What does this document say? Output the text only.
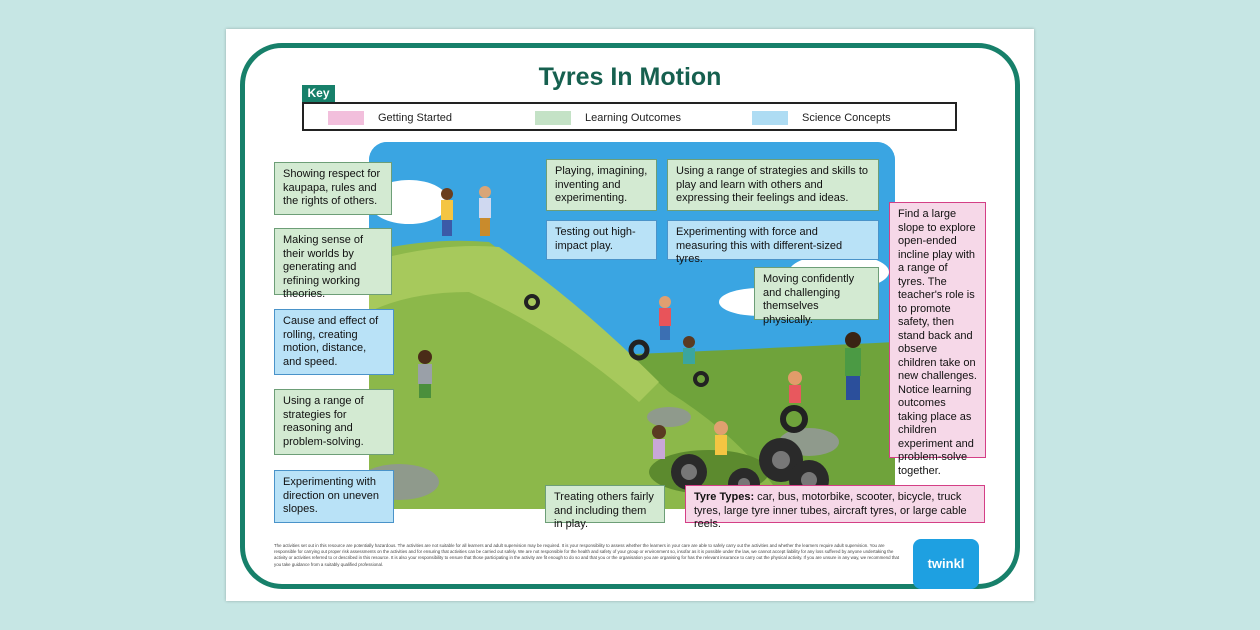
Tyres In Motion
Key
Getting Started	Learning Outcomes	Science Concepts
Showing respect for kaupapa, rules and the rights of others.
Making sense of their worlds by generating and refining working theories.
Cause and effect of rolling, creating motion, distance, and speed.
Using a range of strategies for reasoning and problem-solving.
Experimenting with direction on uneven slopes.
Playing, imagining, inventing and experimenting.
Using a range of strategies and skills to play and learn with others and expressing their feelings and ideas.
Testing out high-impact play.
Experimenting with force and measuring this with different-sized tyres.
Moving confidently and challenging themselves physically.
Find a large slope to explore open-ended incline play with a range of tyres. The teacher's role is to promote safety, then stand back and observe children take on new challenges. Notice learning outcomes taking place as children experiment and problem-solve together.
Treating others fairly and including them in play.
Tyre Types: car, bus, motorbike, scooter, bicycle, truck tyres, large tyre inner tubes, aircraft tyres, or large cable reels.
The activities set out in this resource are potentially hazardous. The activities are not suitable for all learners and adult supervision may be required. It is your responsibility to assess whether the learners in your care are able to safely carry out the activities and whether the learners require adult supervision. You are responsible for carrying out proper risk assessments on the activities and for ensuring that activities can be carried out safely. We are not responsible for the health and safety of your group or environment so, insofar as it is possible under the law, we cannot accept liability for any loss suffered by anyone undertaking the activity or activities referred to or described in this resource. It is also your responsibility to ensure that those participating in the activity are fit enough to do so and that you or the organisation you are organising for has the relevant insurance to carry out the physical activity. If you are unsure in any way, we recommend that you take guidance from a suitably qualified professional.	twinkl
